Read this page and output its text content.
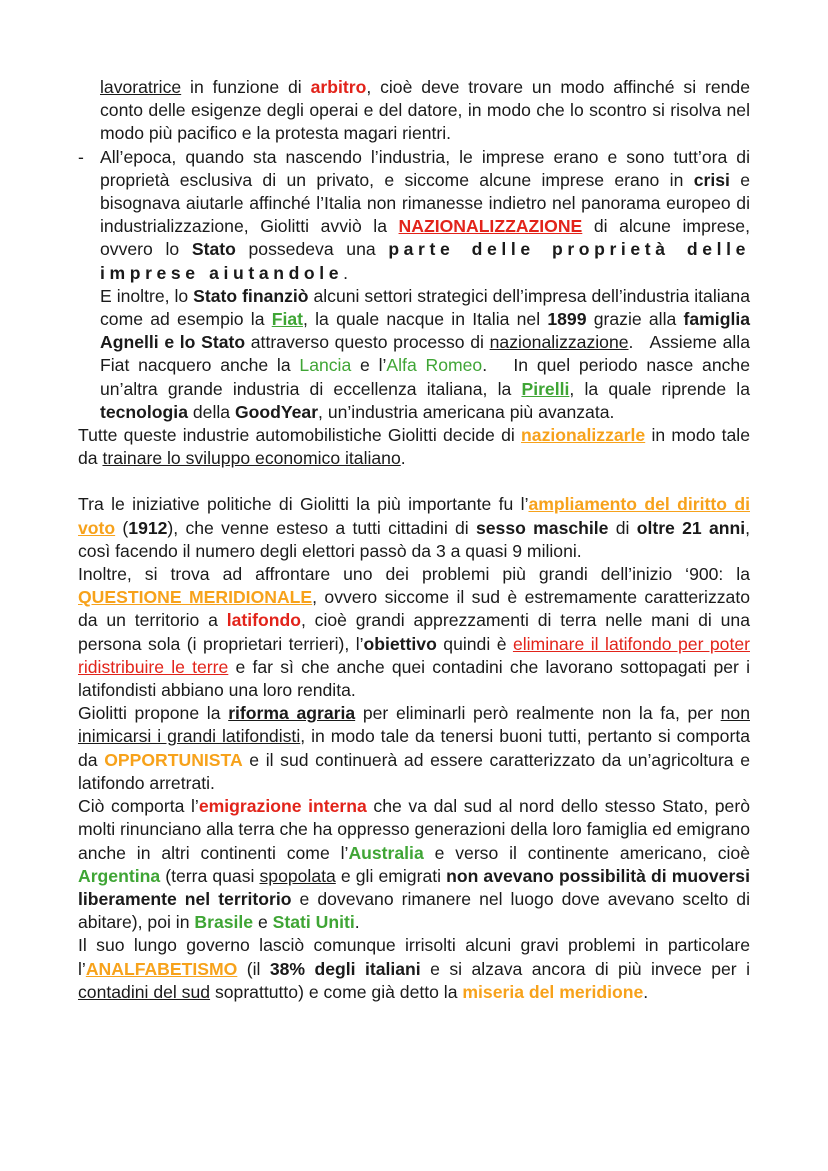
lavoratrice in funzione di arbitro, cioè deve trovare un modo affinché si rende conto delle esigenze degli operai e del datore, in modo che lo scontro si risolva nel modo più pacifico e la protesta magari rientri.

- All’epoca, quando sta nascendo l’industria, le imprese erano e sono tutt’ora di proprietà esclusiva di un privato, e siccome alcune imprese erano in crisi e bisognava aiutarle affinché l’Italia non rimanesse indietro nel panorama europeo di industrializzazione, Giolitti avviò la NAZIONALIZZAZIONE di alcune imprese, ovvero lo Stato possedeva una parte delle proprietà delle imprese aiutandole.
E inoltre, lo Stato finanziò alcuni settori strategici dell’impresa dell’industria italiana come ad esempio la Fiat, la quale nacque in Italia nel 1899 grazie alla famiglia Agnelli e lo Stato attraverso questo processo di nazionalizzazione.   Assieme alla Fiat nacquero anche la Lancia e l’Alfa Romeo.   In quel periodo nasce anche un’altra grande industria di eccellenza italiana, la Pirelli, la quale riprende la tecnologia della GoodYear, un’industria americana più avanzata.

Tutte queste industrie automobilistiche Giolitti decide di nazionalizzarle in modo tale da trainare lo sviluppo economico italiano.

Tra le iniziative politiche di Giolitti la più importante fu l’ampliamento del diritto di voto (1912), che venne esteso a tutti cittadini di sesso maschile di oltre 21 anni, così facendo il numero degli elettori passò da 3 a quasi 9 milioni.

Inoltre, si trova ad affrontare uno dei problemi più grandi dell’inizio ‘900: la QUESTIONE MERIDIONALE, ovvero siccome il sud è estremamente caratterizzato da un territorio a latifondo, cioè grandi apprezzamenti di terra nelle mani di una persona sola (i proprietari terrieri), l’obiettivo quindi è eliminare il latifondo per poter ridistribuire le terre e far sì che anche quei contadini che lavorano sottopagati per i latifondisti abbiano una loro rendita.

Giolitti propone la riforma agraria per eliminarli però realmente non la fa, per non inimicarsi i grandi latifondisti, in modo tale da tenersi buoni tutti, pertanto si comporta da OPPORTUNISTA e il sud continuerà ad essere caratterizzato da un’agricoltura e latifondo arretrati.

Ciò comporta l’emigrazione interna che va dal sud al nord dello stesso Stato, però molti rinunciano alla terra che ha oppresso generazioni della loro famiglia ed emigrano anche in altri continenti come l’Australia e verso il continente americano, cioè Argentina (terra quasi spopolata e gli emigrati non avevano possibilità di muoversi liberamente nel territorio e dovevano rimanere nel luogo dove avevano scelto di abitare), poi in Brasile e Stati Uniti.

Il suo lungo governo lasciò comunque irrisolti alcuni gravi problemi in particolare l’ANALFABETISMO (il 38% degli italiani e si alzava ancora di più invece per i contadini del sud soprattutto) e come già detto la miseria del meridione.
